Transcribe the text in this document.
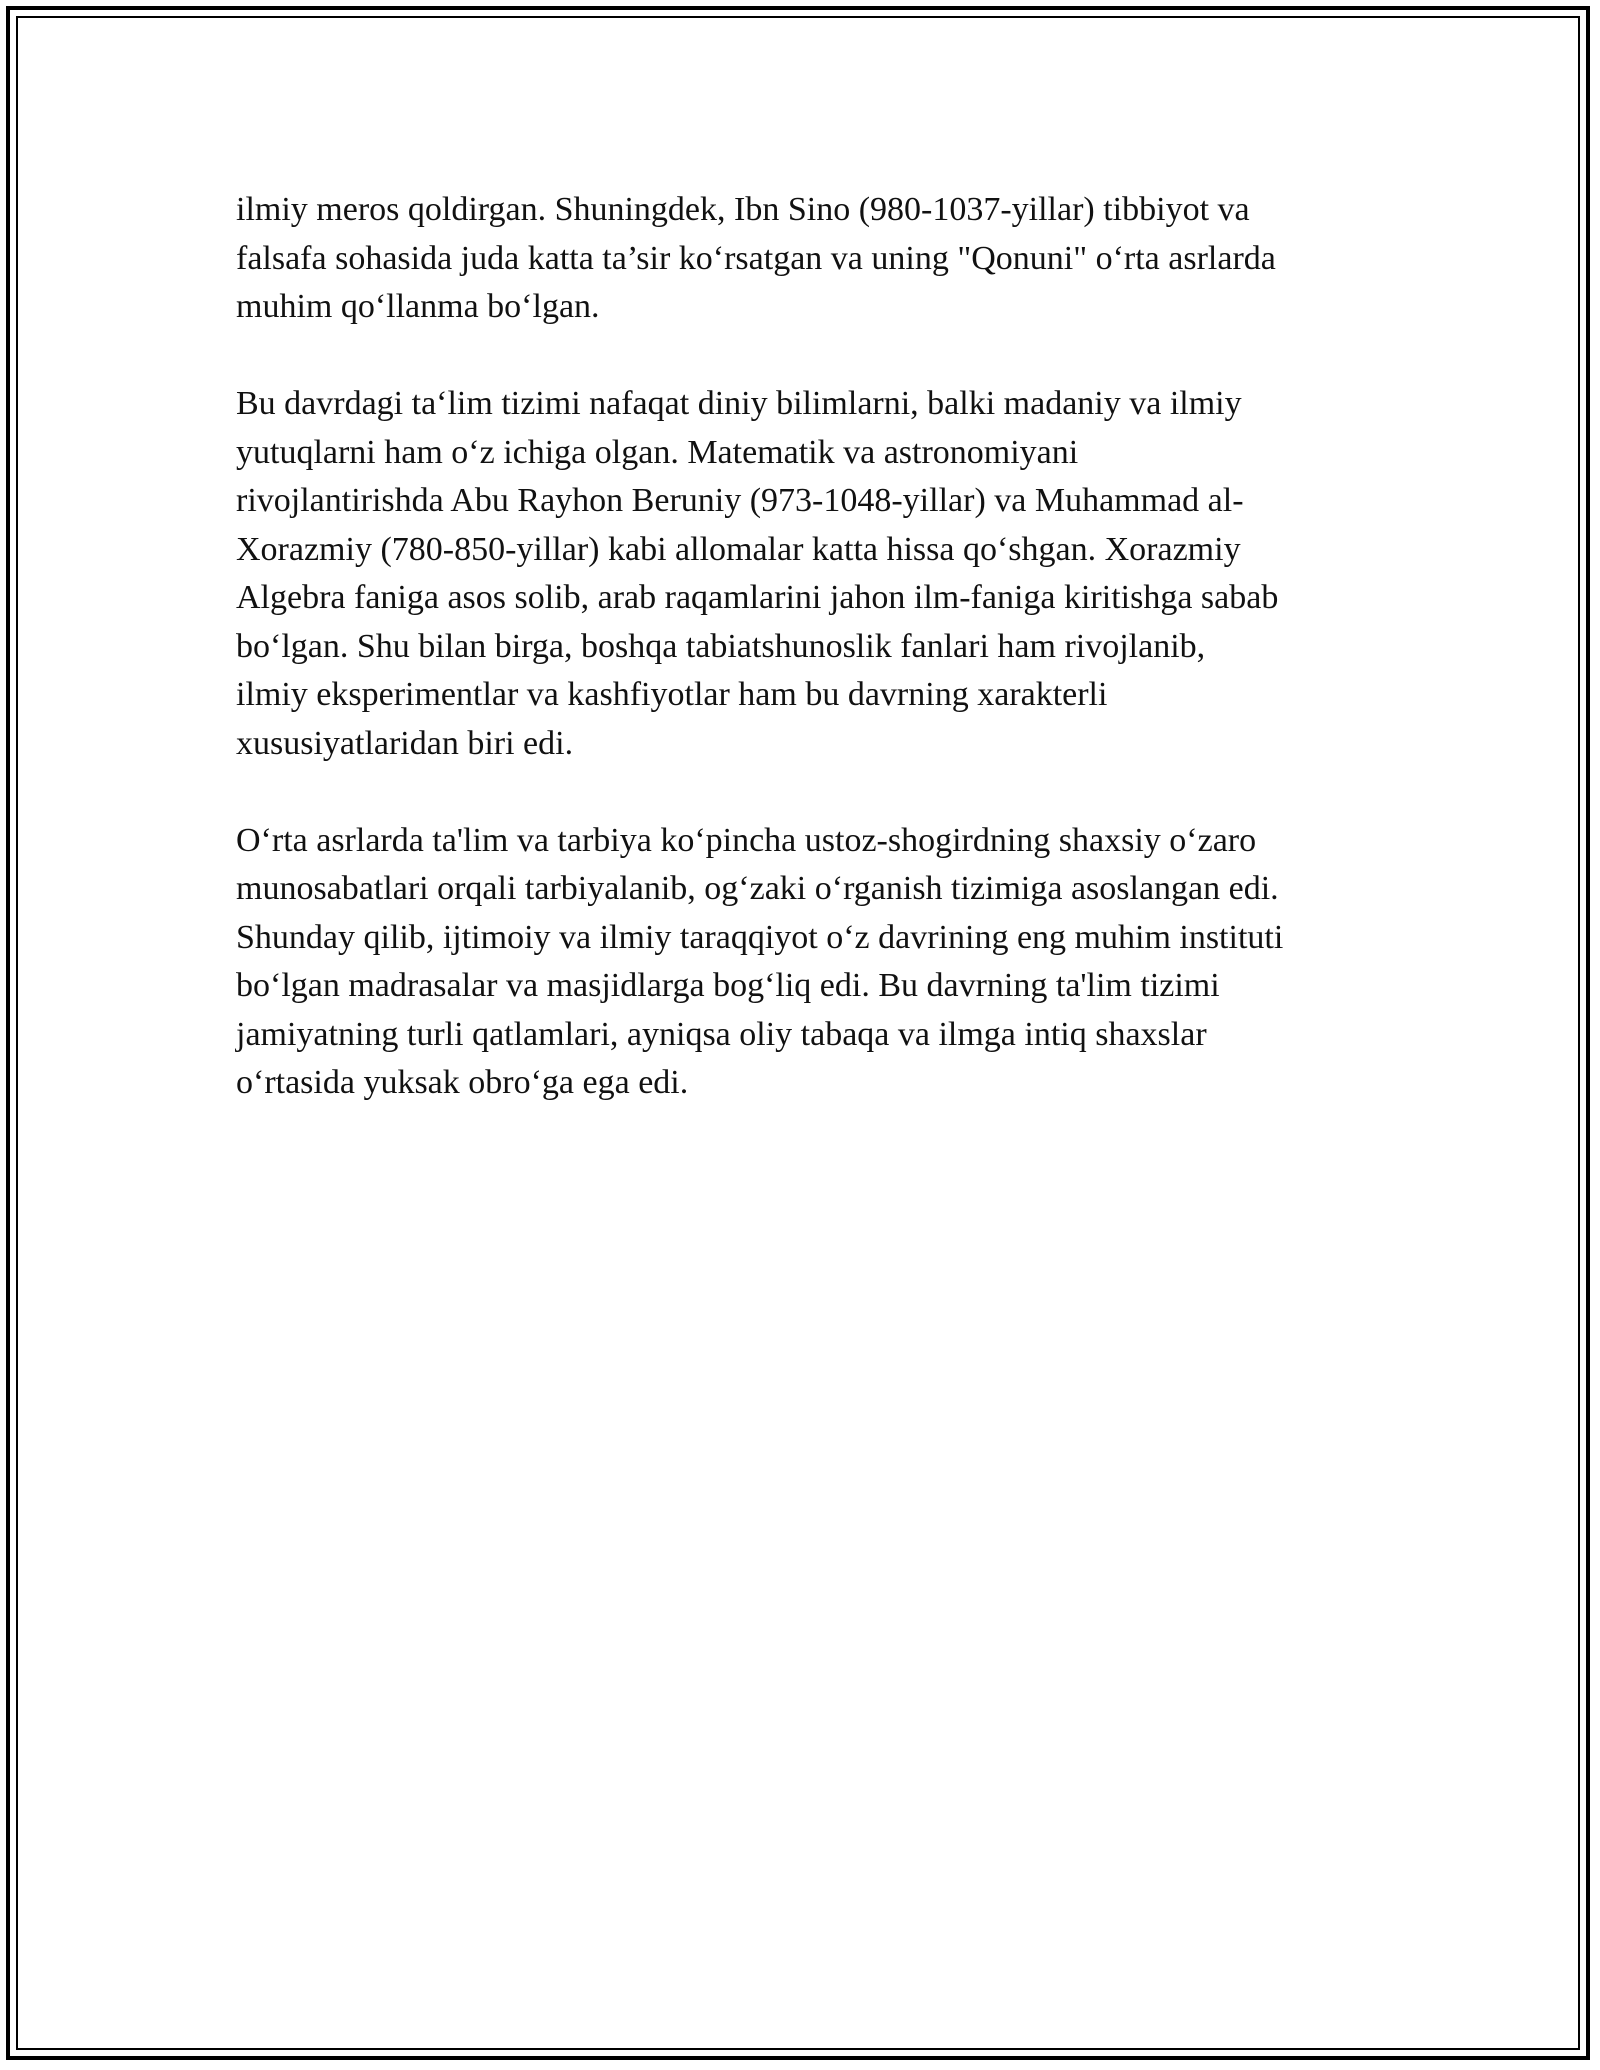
ilmiy meros qoldirgan. Shuningdek, Ibn Sino (980-1037-yillar) tibbiyot va
falsafa sohasida juda katta ta’sir ko‘rsatgan va uning "Qonuni" o‘rta asrlarda
muhim qo‘llanma bo‘lgan.

Bu davrdagi ta‘lim tizimi nafaqat diniy bilimlarni, balki madaniy va ilmiy
yutuqlarni ham o‘z ichiga olgan. Matematik va astronomiyani
rivojlantirishda Abu Rayhon Beruniy (973-1048-yillar) va Muhammad al-
Xorazmiy (780-850-yillar) kabi allomalar katta hissa qo‘shgan. Xorazmiy
Algebra faniga asos solib, arab raqamlarini jahon ilm-faniga kiritishga sabab
bo‘lgan. Shu bilan birga, boshqa tabiatshunoslik fanlari ham rivojlanib,
ilmiy eksperimentlar va kashfiyotlar ham bu davrning xarakterli
xususiyatlaridan biri edi.

O‘rta asrlarda ta'lim va tarbiya ko‘pincha ustoz-shogirdning shaxsiy o‘zaro
munosabatlari orqali tarbiyalanib, og‘zaki o‘rganish tizimiga asoslangan edi.
Shunday qilib, ijtimoiy va ilmiy taraqqiyot o‘z davrining eng muhim instituti
bo‘lgan madrasalar va masjidlarga bog‘liq edi. Bu davrning ta'lim tizimi
jamiyatning turli qatlamlari, ayniqsa oliy tabaqa va ilmga intiq shaxslar
o‘rtasida yuksak obro‘ga ega edi.
